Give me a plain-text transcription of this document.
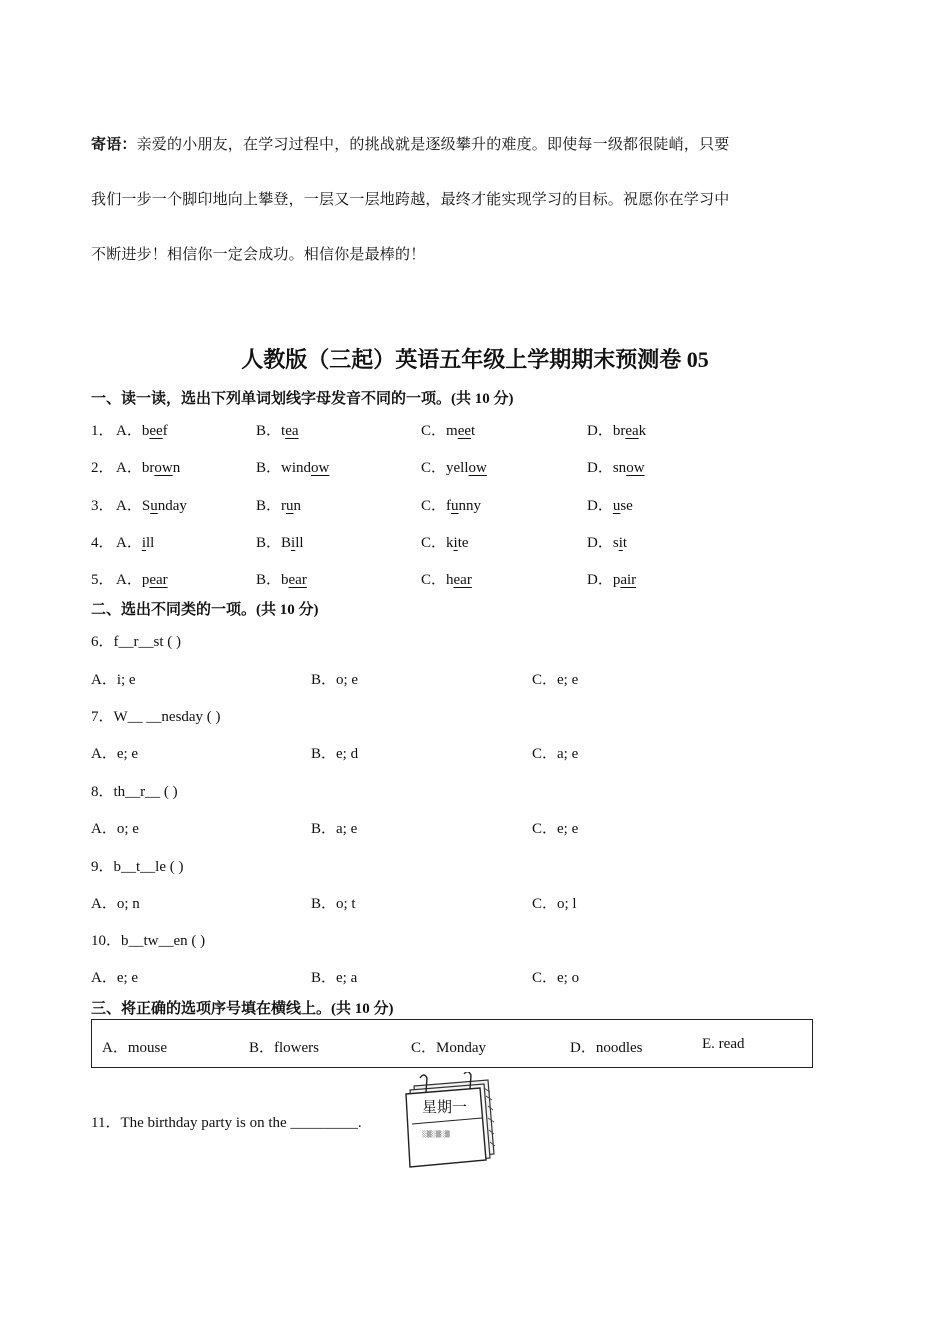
寄语：亲爱的小朋友，在学习过程中，的挑战就是逐级攀升的难度。即使每一级都很陡峭，只要
我们一步一个脚印地向上攀登，一层又一层地跨越，最终才能实现学习的目标。祝愿你在学习中
不断进步！相信你一定会成功。相信你是最棒的！
人教版（三起）英语五年级上学期期末预测卷 05
一、读一读，选出下列单词划线字母发音不同的一项。(共 10 分)
1． A．beef	B．tea	C．meet	D．break
2． A．brown	B．window	C．yellow	D．snow
3． A．Sunday	B．run	C．funny	D．use
4． A．ill	B．Bill	C．kite	D．sit
5． A．pear	B．bear	C．hear	D．pair
二、选出不同类的一项。(共 10 分)
6．f__r__st ( )
A．i; e	B．o; e	C．e; e
7．W__ __nesday ( )
A．e; e	B．e; d	C．a; e
8．th__r__ ( )
A．o; e	B．a; e	C．e; e
9．b__t__le ( )
A．o; n	B．o; t	C．o; l
10．b__tw__en ( )
A．e; e	B．e; a	C．e; o
三、将正确的选项序号填在横线上。(共 10 分)
A．mouse	B．flowers	C．Monday	D．noodles	E. read
11．The birthday party is on the _________.
░▒░▒░▒
星期一
